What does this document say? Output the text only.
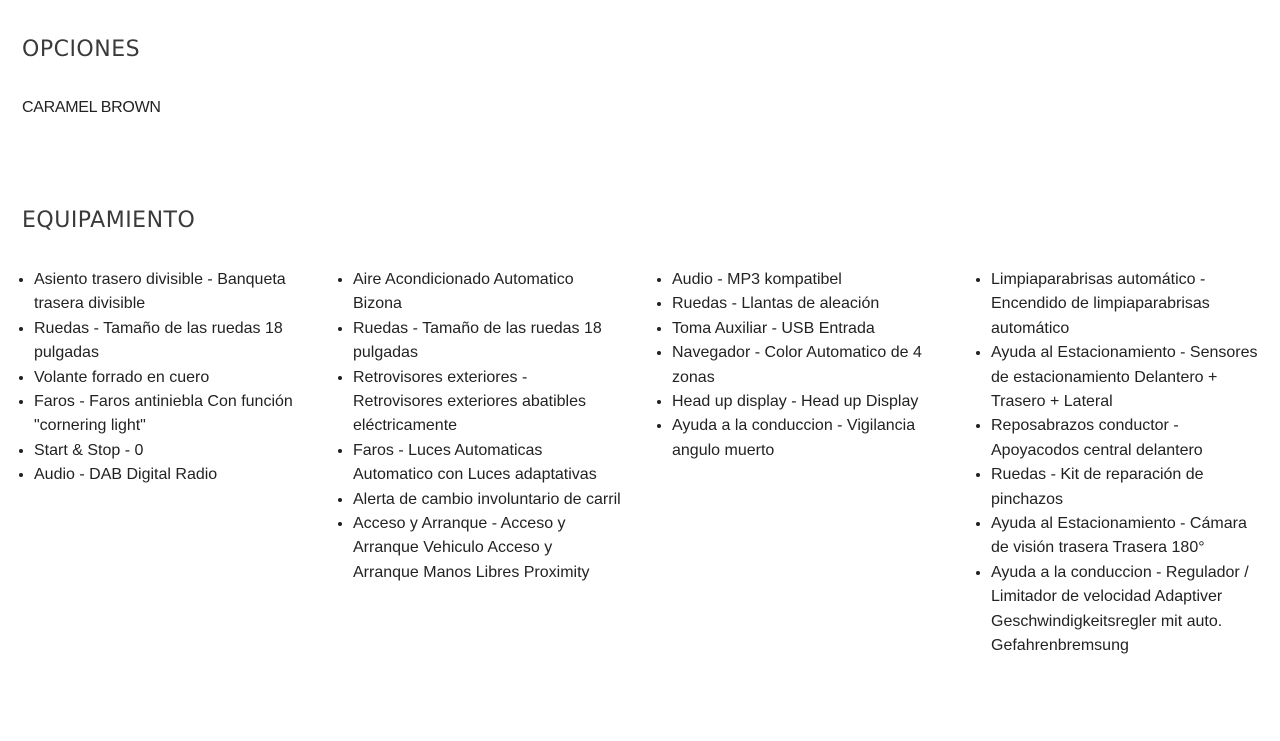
OPCIONES
CARAMEL BROWN
EQUIPAMIENTO
• Asiento trasero divisible - Banqueta trasera divisible
• Ruedas - Tamaño de las ruedas 18 pulgadas
• Volante forrado en cuero
• Faros - Faros antiniebla Con función "cornering light"
• Start & Stop - 0
• Audio - DAB Digital Radio
• Aire Acondicionado Automatico Bizona
• Ruedas - Tamaño de las ruedas 18 pulgadas
• Retrovisores exteriores - Retrovisores exteriores abatibles eléctricamente
• Faros - Luces Automaticas Automatico con Luces adaptativas
• Alerta de cambio involuntario de carril
• Acceso y Arranque - Acceso y Arranque Vehiculo Acceso y Arranque Manos Libres Proximity
• Audio - MP3 kompatibel
• Ruedas - Llantas de aleación
• Toma Auxiliar - USB Entrada
• Navegador - Color Automatico de 4 zonas
• Head up display - Head up Display
• Ayuda a la conduccion - Vigilancia angulo muerto
• Limpiaparabrisas automático - Encendido de limpiaparabrisas automático
• Ayuda al Estacionamiento - Sensores de estacionamiento Delantero + Trasero + Lateral
• Reposabrazos conductor - Apoyacodos central delantero
• Ruedas - Kit de reparación de pinchazos
• Ayuda al Estacionamiento - Cámara de visión trasera Trasera 180°
• Ayuda a la conduccion - Regulador / Limitador de velocidad Adaptiver Geschwindigkeitsregler mit auto. Gefahrenbremsung
